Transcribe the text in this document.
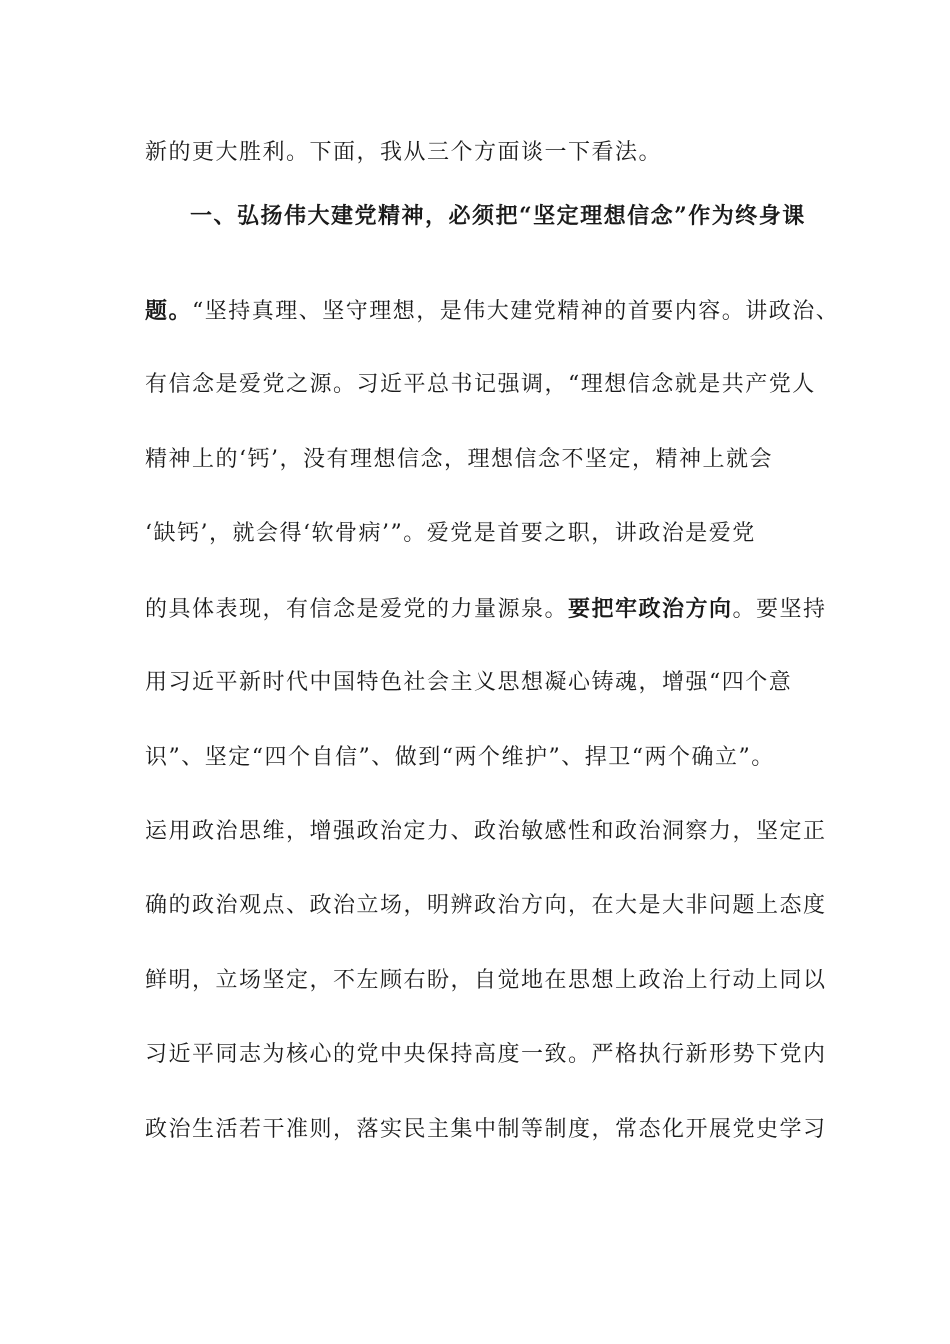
新的更大胜利。下面，我从三个方面谈一下看法。
一、弘扬伟大建党精神，必须把“坚定理想信念”作为终身课
题。“坚持真理、坚守理想，是伟大建党精神的首要内容。讲政治、
有信念是爱党之源。习近平总书记强调，“理想信念就是共产党人
精神上的‘钙’，没有理想信念，理想信念不坚定，精神上就会
‘缺钙’，就会得‘软骨病’”。爱党是首要之职，讲政治是爱党
的具体表现，有信念是爱党的力量源泉。要把牢政治方向。要坚持
用习近平新时代中国特色社会主义思想凝心铸魂，增强“四个意
识”、坚定“四个自信”、做到“两个维护”、捍卫“两个确立”。
运用政治思维，增强政治定力、政治敏感性和政治洞察力，坚定正
确的政治观点、政治立场，明辨政治方向，在大是大非问题上态度
鲜明，立场坚定，不左顾右盼，自觉地在思想上政治上行动上同以
习近平同志为核心的党中央保持高度一致。严格执行新形势下党内
政治生活若干准则，落实民主集中制等制度，常态化开展党史学习
